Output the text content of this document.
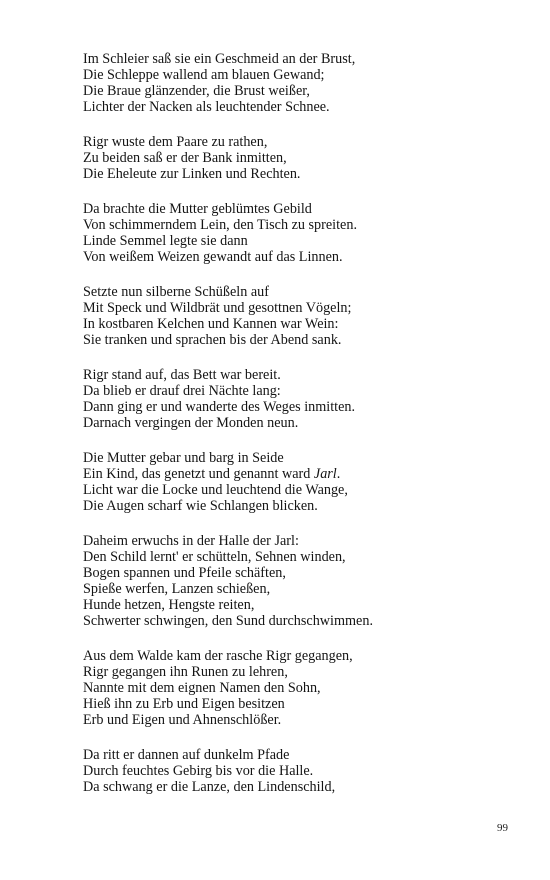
Im Schleier saß sie ein Geschmeid an der Brust,
Die Schleppe wallend am blauen Gewand;
Die Braue glänzender, die Brust weißer,
Lichter der Nacken als leuchtender Schnee.
Rigr wuste dem Paare zu rathen,
Zu beiden saß er der Bank inmitten,
Die Eheleute zur Linken und Rechten.
Da brachte die Mutter geblümtes Gebild
Von schimmerndem Lein, den Tisch zu spreiten.
Linde Semmel legte sie dann
Von weißem Weizen gewandt auf das Linnen.
Setzte nun silberne Schüßeln auf
Mit Speck und Wildbrät und gesottnen Vögeln;
In kostbaren Kelchen und Kannen war Wein:
Sie tranken und sprachen bis der Abend sank.
Rigr stand auf, das Bett war bereit.
Da blieb er drauf drei Nächte lang:
Dann ging er und wanderte des Weges inmitten.
Darnach vergingen der Monden neun.
Die Mutter gebar und barg in Seide
Ein Kind, das genetzt und genannt ward Jarl.
Licht war die Locke und leuchtend die Wange,
Die Augen scharf wie Schlangen blicken.
Daheim erwuchs in der Halle der Jarl:
Den Schild lernt' er schütteln, Sehnen winden,
Bogen spannen und Pfeile schäften,
Spieße werfen, Lanzen schießen,
Hunde hetzen, Hengste reiten,
Schwerter schwingen, den Sund durchschwimmen.
Aus dem Walde kam der rasche Rigr gegangen,
Rigr gegangen ihn Runen zu lehren,
Nannte mit dem eignen Namen den Sohn,
Hieß ihn zu Erb und Eigen besitzen
Erb und Eigen und Ahnenschlößer.
Da ritt er dannen auf dunkelm Pfade
Durch feuchtes Gebirg bis vor die Halle.
Da schwang er die Lanze, den Lindenschild,
99
